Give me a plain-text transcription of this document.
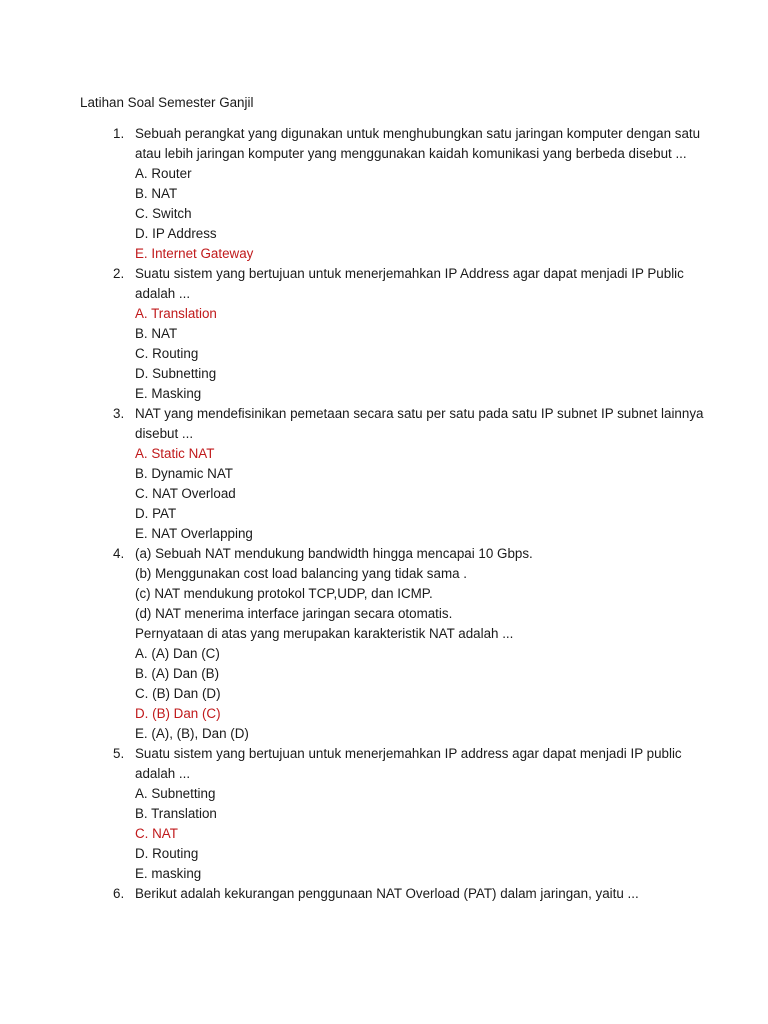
Latihan Soal Semester Ganjil
1. Sebuah perangkat yang digunakan untuk menghubungkan satu jaringan komputer dengan satu
atau lebih jaringan komputer yang menggunakan kaidah komunikasi yang berbeda disebut ...
A. Router
B. NAT
C. Switch
D. IP Address
E. Internet Gateway
2. Suatu sistem yang bertujuan untuk menerjemahkan IP Address agar dapat menjadi IP Public
adalah ...
A. Translation
B. NAT
C. Routing
D. Subnetting
E. Masking
3. NAT yang mendefisinikan pemetaan secara satu per satu pada satu IP subnet IP subnet lainnya
disebut ...
A. Static NAT
B. Dynamic NAT
C. NAT Overload
D. PAT
E. NAT Overlapping
4. (a) Sebuah NAT mendukung bandwidth hingga mencapai 10 Gbps.
(b) Menggunakan cost load balancing yang tidak sama .
(c) NAT mendukung protokol TCP,UDP, dan ICMP.
(d) NAT menerima interface jaringan secara otomatis.
Pernyataan di atas yang merupakan karakteristik NAT adalah ...
A. (A) Dan (C)
B. (A) Dan (B)
C. (B) Dan (D)
D. (B) Dan (C)
E. (A), (B), Dan (D)
5. Suatu sistem yang bertujuan untuk menerjemahkan IP address agar dapat menjadi IP public
adalah ...
A. Subnetting
B. Translation
C. NAT
D. Routing
E. masking
6. Berikut adalah kekurangan penggunaan NAT Overload (PAT) dalam jaringan, yaitu ...
